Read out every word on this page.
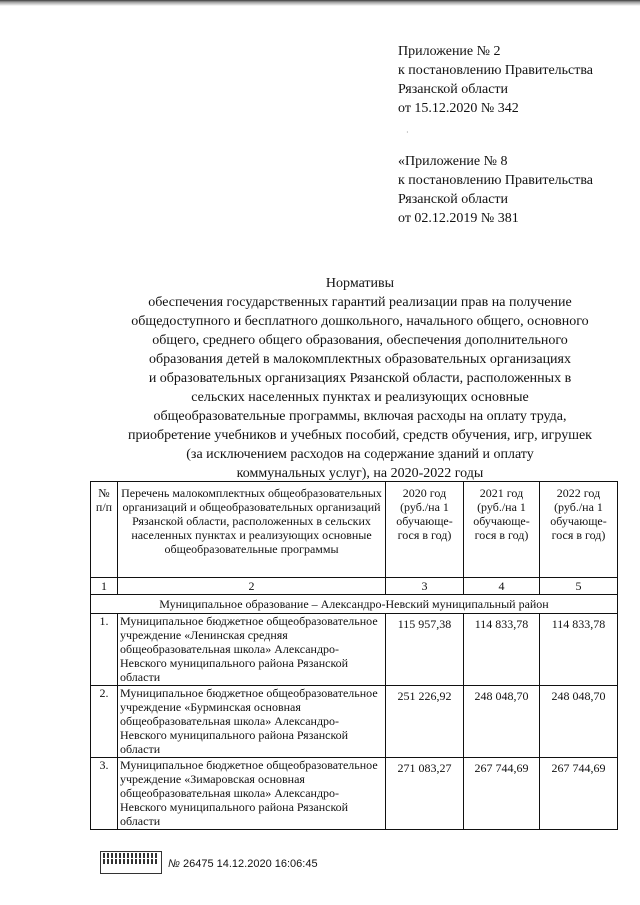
Приложение № 2
к постановлению Правительства
Рязанской области
от 15.12.2020 № 342
·
«Приложение № 8
к постановлению Правительства
Рязанской области
от 02.12.2019 № 381
Нормативы
обеспечения государственных гарантий реализации прав на получение
общедоступного и бесплатного дошкольного, начального общего, основного
общего, среднего общего образования, обеспечения дополнительного
образования детей в малокомплектных образовательных организациях
и образовательных организациях Рязанской области, расположенных в
сельских населенных пунктах и реализующих основные
общеобразовательные программы, включая расходы на оплату труда,
приобретение учебников и учебных пособий, средств обучения, игр, игрушек
(за исключением расходов на содержание зданий и оплату
коммунальных услуг), на 2020-2022 годы
№ п/п	Перечень малокомплектных общеобразовательных организаций и общеобразовательных организаций Рязанской области, расположенных в сельских населенных пунктах и реализующих основные общеобразовательные программы	2020 год (руб./на 1 обучающе-гося в год)	2021 год (руб./на 1 обучающе-гося в год)	2022 год (руб./на 1 обучающе-гося в год)
1	2	3	4	5
Муниципальное образование – Александро-Невский муниципальный район				
1.	Муниципальное бюджетное общеобразовательное учреждение «Ленинская средняя общеобразовательная школа» Александро-Невского муниципального района Рязанской области	115 957,38	114 833,78	114 833,78
2.	Муниципальное бюджетное общеобразовательное учреждение «Бурминская основная общеобразовательная школа» Александро-Невского муниципального района Рязанской области	251 226,92	248 048,70	248 048,70
3.	Муниципальное бюджетное общеобразовательное учреждение «Зимаровская основная общеобразовательная школа» Александро-Невского муниципального района Рязанской области	271 083,27	267 744,69	267 744,69
№ 26475 14.12.2020 16:06:45
